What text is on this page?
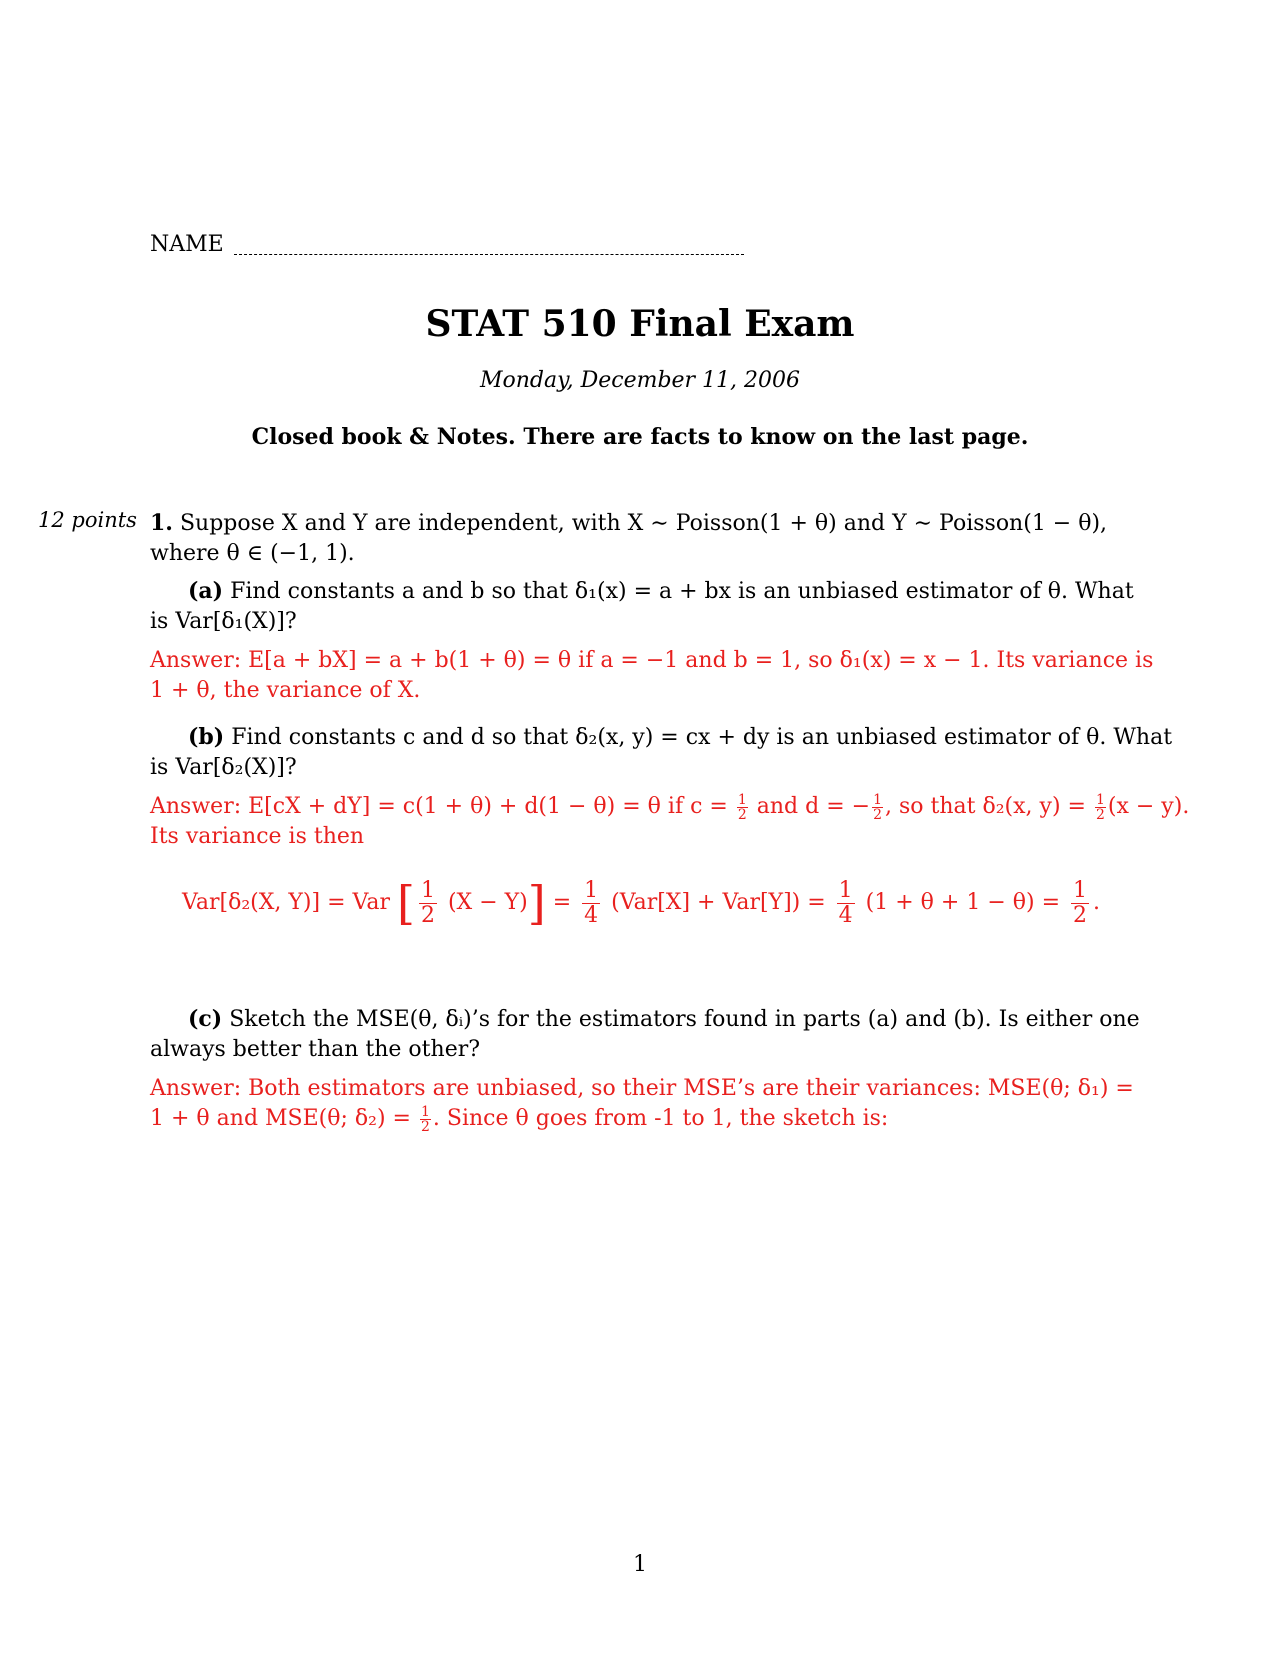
NAME
STAT 510 Final Exam
Monday, December 11, 2006
Closed book & Notes. There are facts to know on the last page.
12 points 1. Suppose X and Y are independent, with X ∼ Poisson(1 + θ) and Y ∼ Poisson(1 − θ),
where θ ∈ (−1, 1).
(a) Find constants a and b so that δ₁(x) = a + bx is an unbiased estimator of θ. What
is Var[δ₁(X)]?
Answer: E[a + bX] = a + b(1 + θ) = θ if a = −1 and b = 1, so δ₁(x) = x − 1. Its variance is
1 + θ, the variance of X.
(b) Find constants c and d so that δ₂(x, y) = cx + dy is an unbiased estimator of θ. What
is Var[δ₂(X)]?
Answer: E[cX + dY] = c(1 + θ) + d(1 − θ) = θ if $c = \frac{1}{2}$ and d = − $\frac{1}{2}$ , so that δ₂(x, $y) = \frac{1}{2} (x - y)$.
Its variance is then
Var[δ₂(X, Y)] = Var [ $\frac{1}{2} (X - Y)] = \frac{1}{4} (Var[X] + Var[Y]) = \frac{1}{4} (1 + \theta + 1 - \theta) = \frac{1}{2}$ .
(c) Sketch the MSE(θ, δᵢ)’s for the estimators found in parts (a) and (b). Is either one
always better than the other?
Answer: Both estimators are unbiased, so their MSE’s are their variances: MSE(θ; δ₁) =
1 + θ and MSE(θ; $\delta_2) = \frac{1}{2}$ . Since θ goes from -1 to 1, the sketch is:
1
